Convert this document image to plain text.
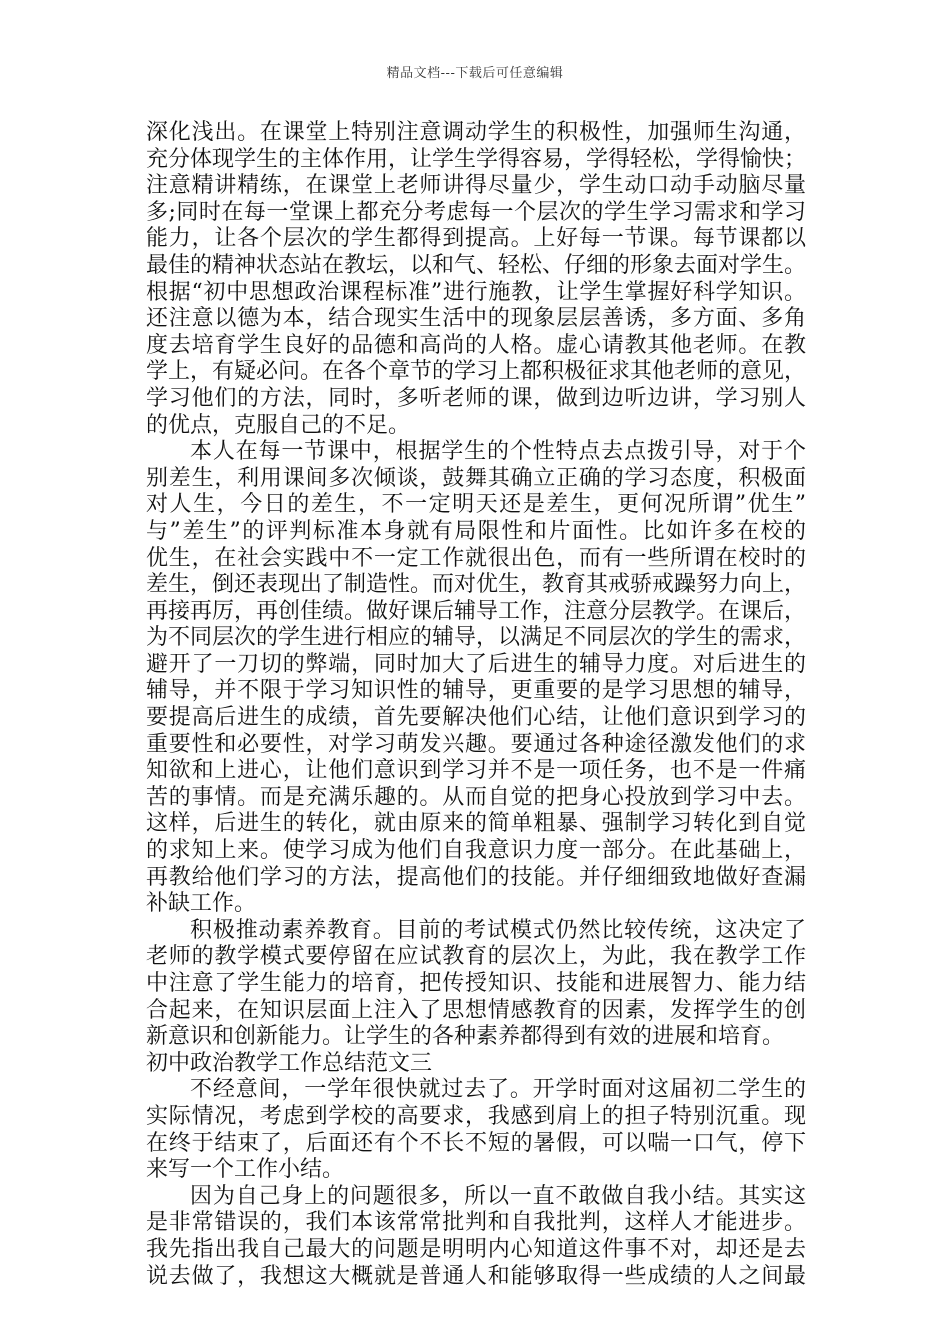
精品文档---下载后可任意编辑
深化浅出。在课堂上特别注意调动学生的积极性，加强师生沟通，
充分体现学生的主体作用，让学生学得容易，学得轻松，学得愉快；
注意精讲精练，在课堂上老师讲得尽量少，学生动口动手动脑尽量
多;同时在每一堂课上都充分考虑每一个层次的学生学习需求和学习
能力，让各个层次的学生都得到提高。上好每一节课。每节课都以
最佳的精神状态站在教坛，以和气、轻松、仔细的形象去面对学生。
根据“初中思想政治课程标准”进行施教，让学生掌握好科学知识。
还注意以德为本，结合现实生活中的现象层层善诱，多方面、多角
度去培育学生良好的品德和高尚的人格。虚心请教其他老师。在教
学上，有疑必问。在各个章节的学习上都积极征求其他老师的意见，
学习他们的方法，同时，多听老师的课，做到边听边讲，学习别人
的优点，克服自己的不足。
本人在每一节课中，根据学生的个性特点去点拨引导，对于个
别差生，利用课间多次倾谈，鼓舞其确立正确的学习态度，积极面
对人生，今日的差生，不一定明天还是差生，更何况所谓”优生”
与”差生”的评判标准本身就有局限性和片面性。比如许多在校的
优生，在社会实践中不一定工作就很出色，而有一些所谓在校时的
差生，倒还表现出了制造性。而对优生，教育其戒骄戒躁努力向上，
再接再厉，再创佳绩。做好课后辅导工作，注意分层教学。在课后，
为不同层次的学生进行相应的辅导，以满足不同层次的学生的需求，
避开了一刀切的弊端，同时加大了后进生的辅导力度。对后进生的
辅导，并不限于学习知识性的辅导，更重要的是学习思想的辅导，
要提高后进生的成绩，首先要解决他们心结，让他们意识到学习的
重要性和必要性，对学习萌发兴趣。要通过各种途径激发他们的求
知欲和上进心，让他们意识到学习并不是一项任务，也不是一件痛
苦的事情。而是充满乐趣的。从而自觉的把身心投放到学习中去。
这样，后进生的转化，就由原来的简单粗暴、强制学习转化到自觉
的求知上来。使学习成为他们自我意识力度一部分。在此基础上，
再教给他们学习的方法，提高他们的技能。并仔细细致地做好查漏
补缺工作。
积极推动素养教育。目前的考试模式仍然比较传统，这决定了
老师的教学模式要停留在应试教育的层次上，为此，我在教学工作
中注意了学生能力的培育，把传授知识、技能和进展智力、能力结
合起来，在知识层面上注入了思想情感教育的因素，发挥学生的创
新意识和创新能力。让学生的各种素养都得到有效的进展和培育。
初中政治教学工作总结范文三
不经意间，一学年很快就过去了。开学时面对这届初二学生的
实际情况，考虑到学校的高要求，我感到肩上的担子特别沉重。现
在终于结束了，后面还有个不长不短的暑假，可以喘一口气，停下
来写一个工作小结。
因为自己身上的问题很多，所以一直不敢做自我小结。其实这
是非常错误的，我们本该常常批判和自我批判，这样人才能进步。
我先指出我自己最大的问题是明明内心知道这件事不对，却还是去
说去做了，我想这大概就是普通人和能够取得一些成绩的人之间最
